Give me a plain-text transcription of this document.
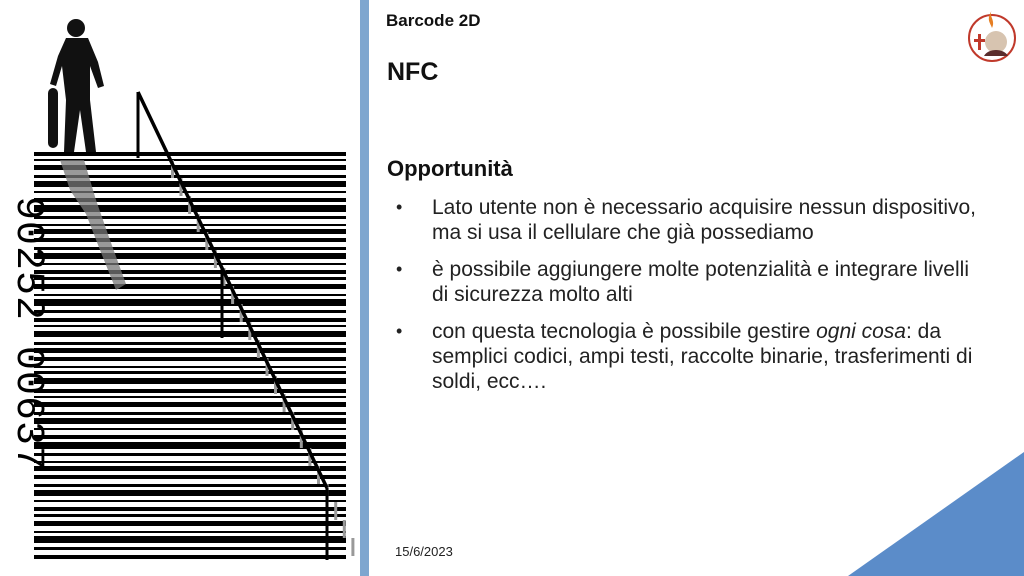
90252 00637
Barcode 2D
NFC
Opportunità
• Lato utente non è necessario acquisire nessun dispositivo, ma si usa il cellulare che già possediamo
• è possibile aggiungere molte potenzialità e integrare livelli di sicurezza molto alti
• con questa tecnologia è possibile gestire ogni cosa: da semplici codici, ampi testi, raccolte binarie, trasferimenti di soldi, ecc….
15/6/2023
